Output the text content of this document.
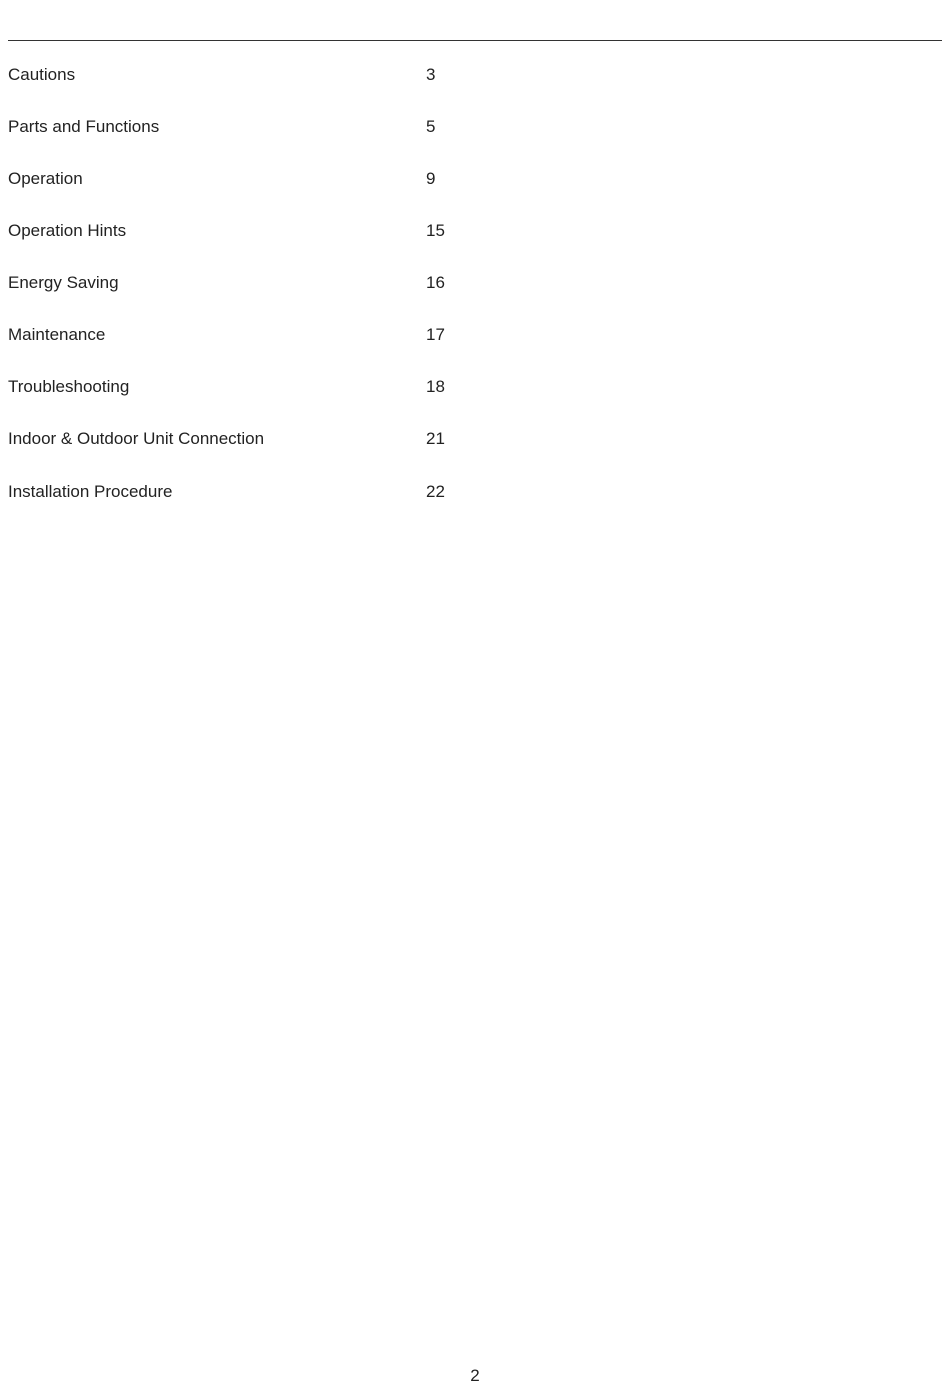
Cautions	3
Parts and Functions	5
Operation	9
Operation Hints	15
Energy Saving	16
Maintenance	17
Troubleshooting	18
Indoor & Outdoor Unit Connection	21
Installation Procedure	22
2
